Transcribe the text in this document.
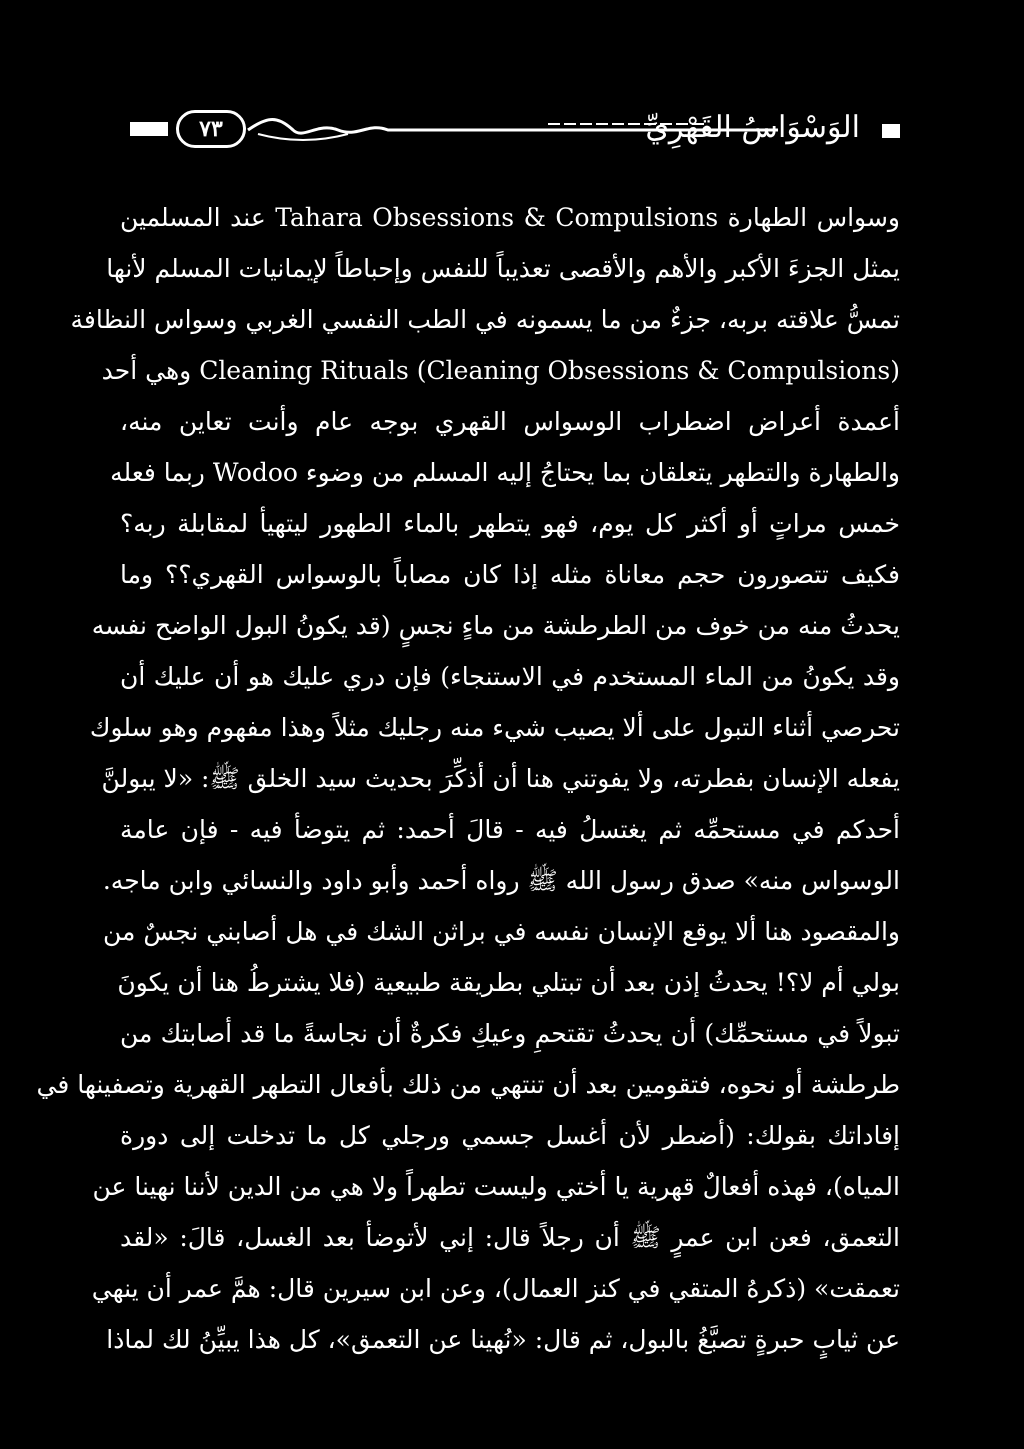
٧٣	الوَسْوَاسُ القَهْرِيِّ
وسواس الطهارة Tahara Obsessions & Compulsions عند المسلمين
يمثل الجزءَ الأكبر والأهم والأقصى تعذيباً للنفس وإحباطاً لإيمانيات المسلم لأنها
تمسُّ علاقته بربه، جزءٌ من ما يسمونه في الطب النفسي الغربي وسواس النظافة
(Cleaning Rituals (Cleaning Obsessions & Compulsions وهي أحد
أعمدة أعراض اضطراب الوسواس القهري بوجه عام وأنت تعاين منه،
والطهارة والتطهر يتعلقان بما يحتاجُ إليه المسلم من وضوء Wodoo ربما فعله
خمس مراتٍ أو أكثر كل يوم، فهو يتطهر بالماء الطهور ليتهيأ لمقابلة ربه؟
فكيف تتصورون حجم معاناة مثله إذا كان مصاباً بالوسواس القهري؟؟ وما
يحدثُ منه من خوف من الطرطشة من ماءٍ نجسٍ (قد يكونُ البول الواضح نفسه
وقد يكونُ من الماء المستخدم في الاستنجاء) فإن دري عليك هو أن عليك أن
تحرصي أثناء التبول على ألا يصيب شيء منه رجليك مثلاً وهذا مفهوم وهو سلوك
يفعله الإنسان بفطرته، ولا يفوتني هنا أن أذكِّرَ بحديث سيد الخلق ﷺ: «لا يبولنَّ
أحدكم في مستحمِّه ثم يغتسلُ فيه - قالَ أحمد: ثم يتوضأ فيه - فإن عامة
الوسواس منه» صدق رسول الله ﷺ رواه أحمد وأبو داود والنسائي وابن ماجه.
والمقصود هنا ألا يوقع الإنسان نفسه في براثن الشك في هل أصابني نجسٌ من
بولي أم لا؟! يحدثُ إذن بعد أن تبتلي بطريقة طبيعية (فلا يشترطُ هنا أن يكونَ
تبولاً في مستحمِّك) أن يحدثُ تقتحمِ وعيكِ فكرةٌ أن نجاسةً ما قد أصابتك من
طرطشة أو نحوه، فتقومين بعد أن تنتهي من ذلك بأفعال التطهر القهرية وتصفينها في
إفاداتك بقولك: (أضطر لأن أغسل جسمي ورجلي كل ما تدخلت إلى دورة
المياه)، فهذه أفعالٌ قهرية يا أختي وليست تطهراً ولا هي من الدين لأننا نهينا عن
التعمق، فعن ابن عمرٍ ﷺ أن رجلاً قال: إني لأتوضأ بعد الغسل، قالَ: «لقد
تعمقت» (ذكرهُ المتقي في كنز العمال)، وعن ابن سيرين قال: همَّ عمر أن ينهي
عن ثيابٍ حبرةٍ تصبَّغُ بالبول، ثم قال: «نُهينا عن التعمق»، كل هذا يبيِّنُ لك لماذا
